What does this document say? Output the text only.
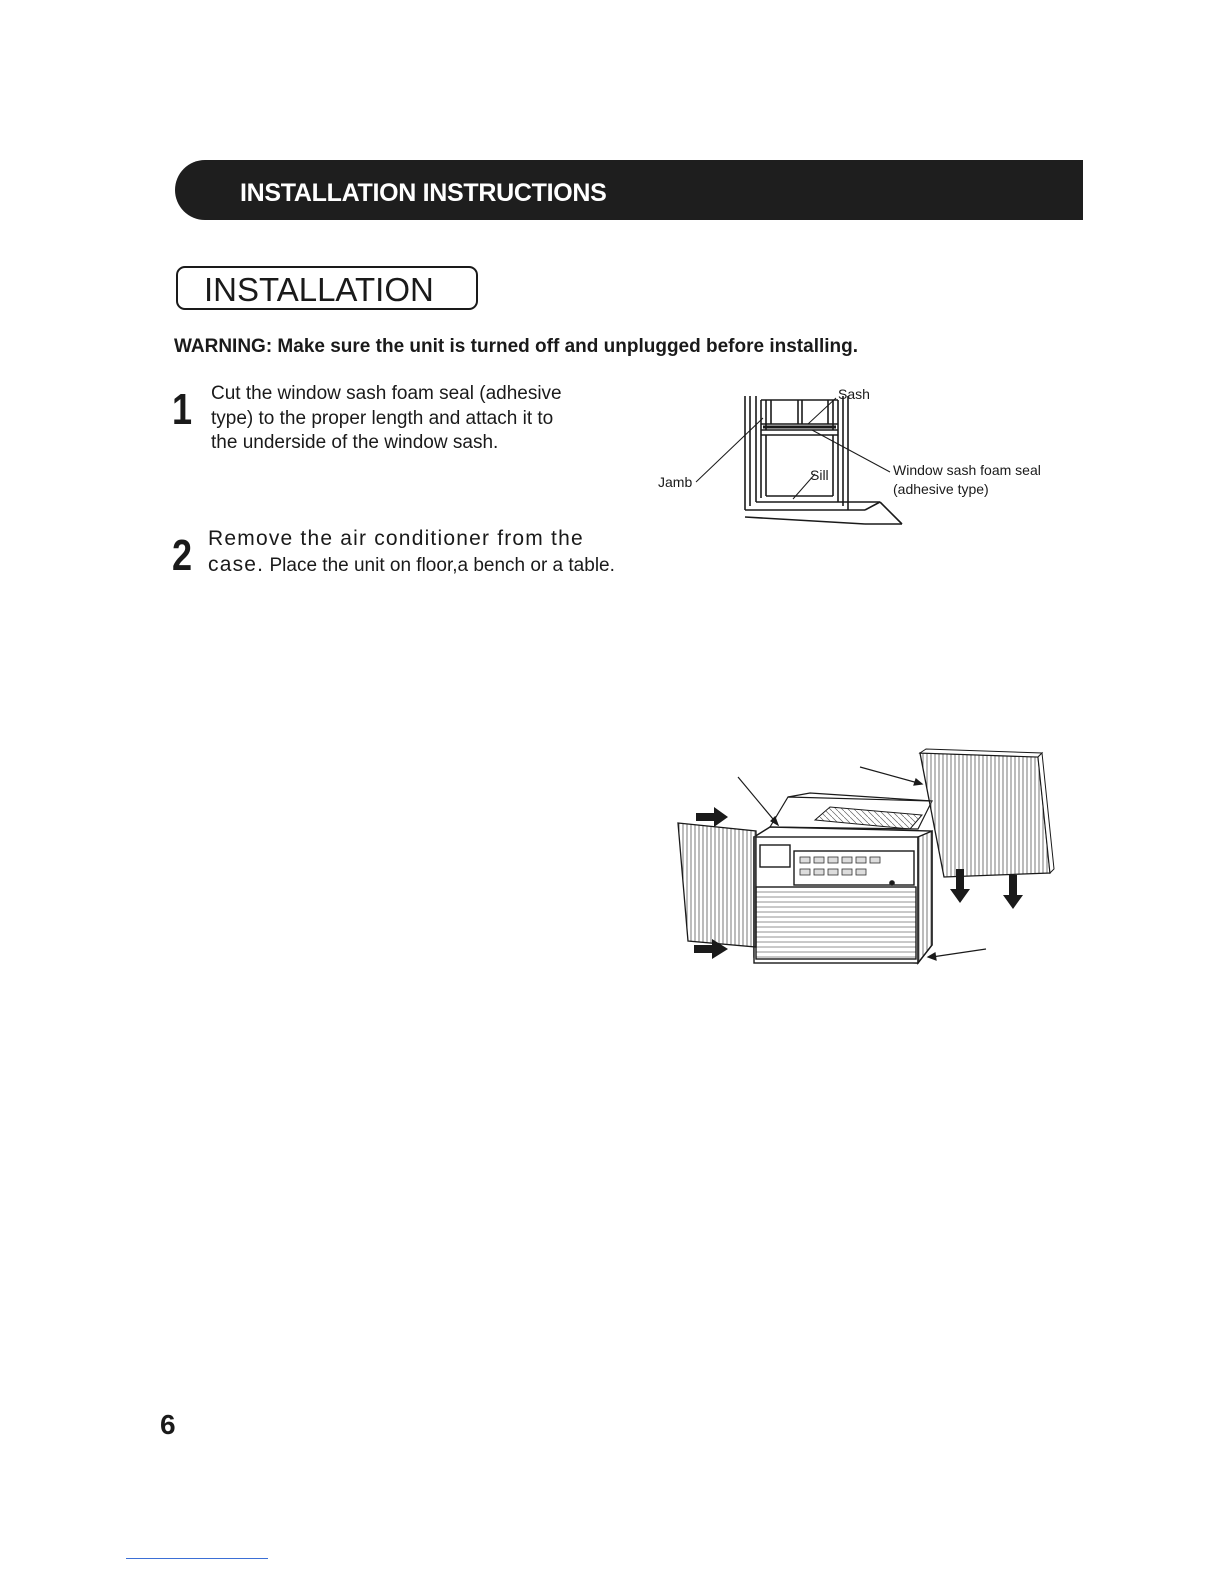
INSTALLATION INSTRUCTIONS
INSTALLATION
WARNING: Make sure the unit is turned off and unplugged before installing.
1 Cut the window sash foam seal (adhesive
type) to the proper length and attach it to
the underside of the window sash.
2 Remove the air conditioner from the
case. Place the unit on floor,a bench or a table.
Sash
Jamb	Sill	Window sash foam seal
(adhesive type)
6
